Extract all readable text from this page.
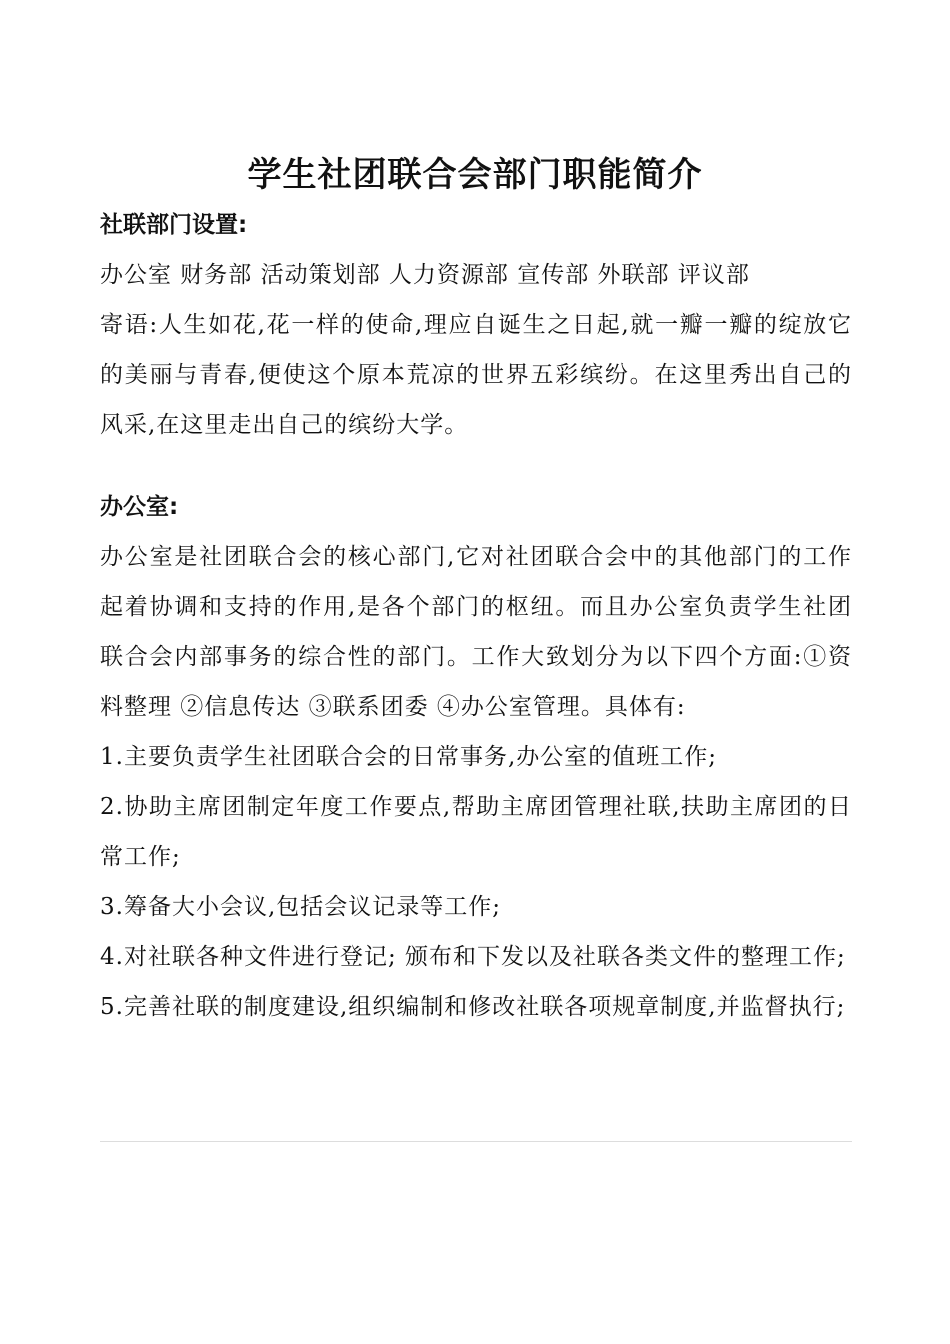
学生社团联合会部门职能简介

社联部门设置:

办公室 财务部 活动策划部 人力资源部 宣传部 外联部 评议部

寄语:人生如花,花一样的使命,理应自诞生之日起,就一瓣一瓣的绽放它的美丽与青春,便使这个原本荒凉的世界五彩缤纷。在这里秀出自己的风采,在这里走出自己的缤纷大学。

办公室:

办公室是社团联合会的核心部门,它对社团联合会中的其他部门的工作起着协调和支持的作用,是各个部门的枢纽。而且办公室负责学生社团联合会内部事务的综合性的部门。工作大致划分为以下四个方面:①资料整理 ②信息传达 ③联系团委 ④办公室管理。具体有:

1.主要负责学生社团联合会的日常事务,办公室的值班工作;

2.协助主席团制定年度工作要点,帮助主席团管理社联,扶助主席团的日常工作;

3.筹备大小会议,包括会议记录等工作;

4.对社联各种文件进行登记; 颁布和下发以及社联各类文件的整理工作;

5.完善社联的制度建设,组织编制和修改社联各项规章制度,并监督执行;
